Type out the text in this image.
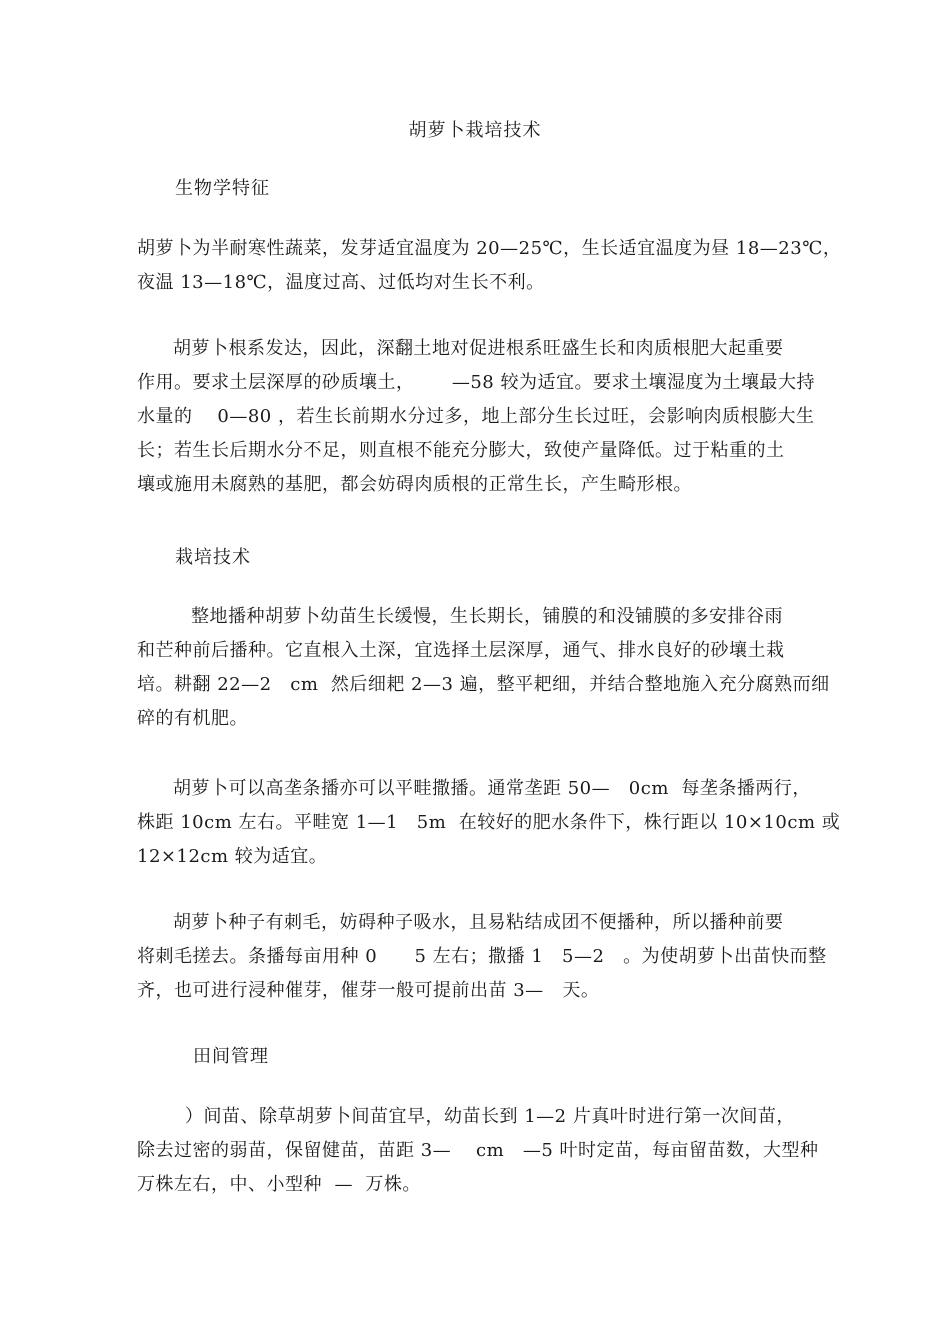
胡萝卜栽培技术
生物学特征
胡萝卜为半耐寒性蔬菜，发芽适宜温度为 20—25℃，生长适宜温度为昼 18—23℃，
夜温 13—18℃，温度过高、过低均对生长不利。
胡萝卜根系发达，因此，深翻土地对促进根系旺盛生长和肉质根肥大起重要
作用。要求土层深厚的砂质壤土，      —58 较为适宜。要求土壤湿度为土壤最大持
水量的    0—80 ，若生长前期水分过多，地上部分生长过旺，会影响肉质根膨大生
长；若生长后期水分不足，则直根不能充分膨大，致使产量降低。过于粘重的土
壤或施用未腐熟的基肥，都会妨碍肉质根的正常生长，产生畸形根。
栽培技术
整地播种胡萝卜幼苗生长缓慢，生长期长，铺膜的和没铺膜的多安排谷雨
和芒种前后播种。它直根入土深，宜选择土层深厚，通气、排水良好的砂壤土栽
培。耕翻 22—2   cm  然后细耙 2—3 遍，整平耙细，并结合整地施入充分腐熟而细
碎的有机肥。
胡萝卜可以高垄条播亦可以平畦撒播。通常垄距 50—   0cm  每垄条播两行，
株距 10cm 左右。平畦宽 1—1   5m  在较好的肥水条件下，株行距以 10×10cm 或
12×12cm 较为适宜。
胡萝卜种子有刺毛，妨碍种子吸水，且易粘结成团不便播种，所以播种前要
将刺毛搓去。条播每亩用种 0      5 左右；撒播 1   5—2   。为使胡萝卜出苗快而整
齐，也可进行浸种催芽，催芽一般可提前出苗 3—   天。
田间管理
）间苗、除草胡萝卜间苗宜早，幼苗长到 1—2 片真叶时进行第一次间苗，
除去过密的弱苗，保留健苗，苗距 3—    cm   —5 叶时定苗，每亩留苗数，大型种
万株左右，中、小型种  —  万株。
